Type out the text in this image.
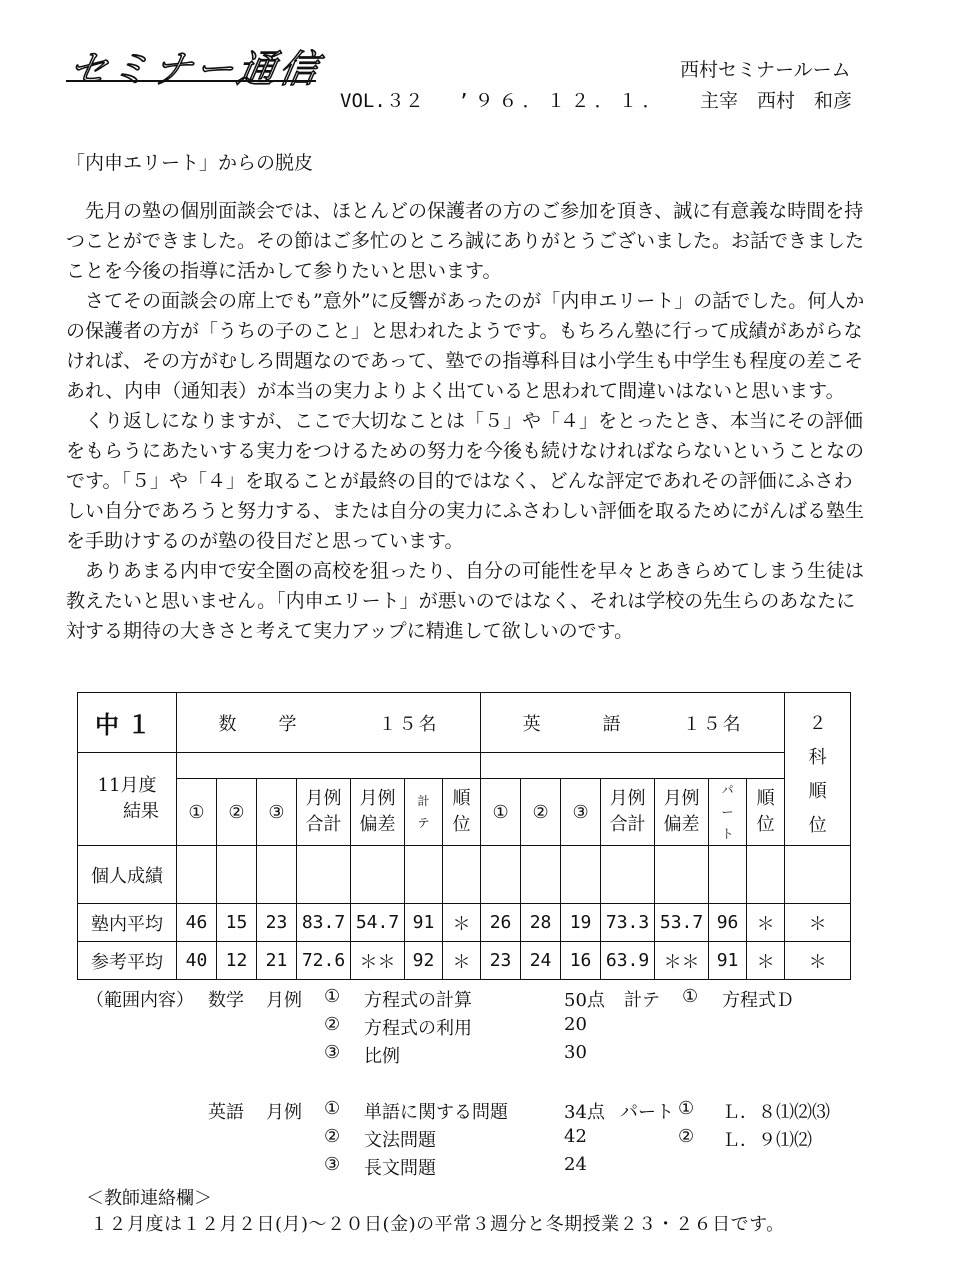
セミナー通信	西村セミナールーム
VOL.３２ ’９６．１２．１． 主宰　西村　和彦
「内申エリート」からの脱皮

先月の塾の個別面談会では、ほとんどの保護者の方のご参加を頂き、誠に有意義な時間を持つことができました。その節はご多忙のところ誠にありがとうございました。お話できましたことを今後の指導に活かして参りたいと思います。

さてその面談会の席上でも”意外”に反響があったのが「内申エリート」の話でした。何人かの保護者の方が「うちの子のこと」と思われたようです。もちろん塾に行って成績があがらなければ、その方がむしろ問題なのであって、塾での指導科目は小学生も中学生も程度の差こそあれ、内申（通知表）が本当の実力よりよく出ていると思われて間違いはないと思います。

くり返しになりますが、ここで大切なことは「５」や「４」をとったとき、本当にその評価をもらうにあたいする実力をつけるための努力を今後も続けなければならないということなのです。「５」や「４」を取ることが最終の目的ではなく、どんな評定であれその評価にふさわしい自分であろうと努力する、または自分の実力にふさわしい評価を取るためにがんばる塾生を手助けするのが塾の役目だと思っています。

ありあまる内申で安全圏の高校を狙ったり、自分の可能性を早々とあきらめてしまう生徒は教えたいと思いません。「内申エリート」が悪いのではなく、それは学校の先生らのあなたに対する期待の大きさと考えて実力アップに精進して欲しいのです。

中１	数　　学　　　　１５名							英　　　語　　　１５名							２科順位

11月度

結果															

	①	②	③	月例合計	月例偏差	計テ	順位	①	②	③	月例合計	月例偏差	パート	順位	

個人成績															
塾内平均	46	15	23	83.7	54.7	91	＊	26	28	19	73.3	53.7	96	＊	＊
参考平均	40	12	21	72.6	＊＊	92	＊	23	24	16	63.9	＊＊	91	＊	＊
（範囲内容） 数学 月例 ① 方程式の計算	50点 計テ ① 方程式Ｄ
② 方程式の利用	20
③ 比例	30
英語 月例 ① 単語に関する問題	34点 パート ① Ｌ．８⑴⑵⑶
② 文法問題	42	② Ｌ．９⑴⑵
③ 長文問題	24
＜教師連絡欄＞
１２月度は１２月２日(月)～２０日(金)の平常３週分と冬期授業２３・２６日です。
